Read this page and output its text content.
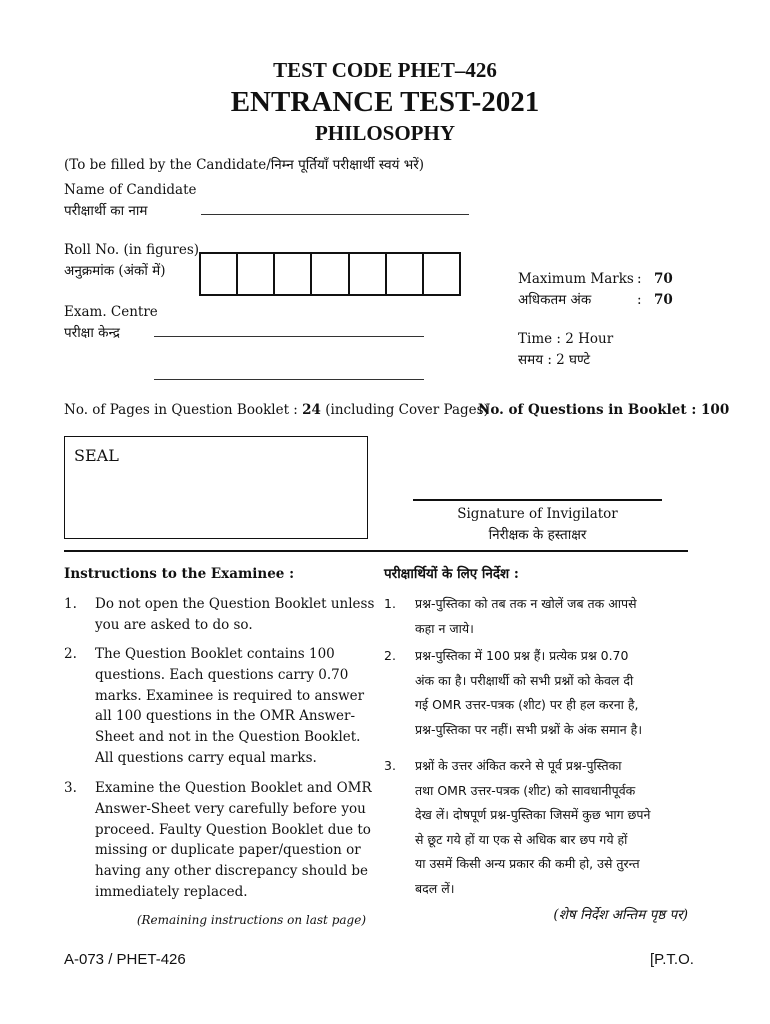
TEST CODE PHET–426
ENTRANCE TEST-2021
PHILOSOPHY
(To be filled by the Candidate/निम्न पूर्तियाँ परीक्षार्थी स्वयं भरें)
Name of Candidate
परीक्षार्थी का नाम
Roll No. (in figures)
अनुक्रमांक (अंकों में)
Exam. Centre
परीक्षा केन्द्र
Maximum Marks : 70
अधिकतम अंक	: 70
Time : 2 Hour
समय : 2 घण्टे
No. of Pages in Question Booklet : 24 (including Cover Pages)
No. of Questions in Booklet : 100
SEAL
Signature of Invigilator
निरीक्षक के हस्ताक्षर
Instructions to the Examinee :
1. Do not open the Question Booklet unless
you are asked to do so.
2. The Question Booklet contains 100
questions. Each questions carry 0.70
marks. Examinee is required to answer
all 100 questions in the OMR Answer-
Sheet and not in the Question Booklet.
All questions carry equal marks.
3. Examine the Question Booklet and OMR
Answer-Sheet very carefully before you
proceed. Faulty Question Booklet due to
missing or duplicate paper/question or
having any other discrepancy should be
immediately replaced.
(Remaining instructions on last page)
परीक्षार्थियों के लिए निर्देश :
1. प्रश्न-पुस्तिका को तब तक न खोलें जब तक आपसे
कहा न जाये।
2. प्रश्न-पुस्तिका में 100 प्रश्न हैं। प्रत्येक प्रश्न 0.70
अंक का है। परीक्षार्थी को सभी प्रश्नों को केवल दी
गई OMR उत्तर-पत्रक (शीट) पर ही हल करना है,
प्रश्न-पुस्तिका पर नहीं। सभी प्रश्नों के अंक समान है।
3. प्रश्नों के उत्तर अंकित करने से पूर्व प्रश्न-पुस्तिका
तथा OMR उत्तर-पत्रक (शीट) को सावधानीपूर्वक
देख लें। दोषपूर्ण प्रश्न-पुस्तिका जिसमें कुछ भाग छपने
से छूट गये हों या एक से अधिक बार छप गये हों
या उसमें किसी अन्य प्रकार की कमी हो, उसे तुरन्त
बदल लें।
(शेष निर्देश अन्तिम पृष्ठ पर)
A-073 / PHET-426	[P.T.O.
